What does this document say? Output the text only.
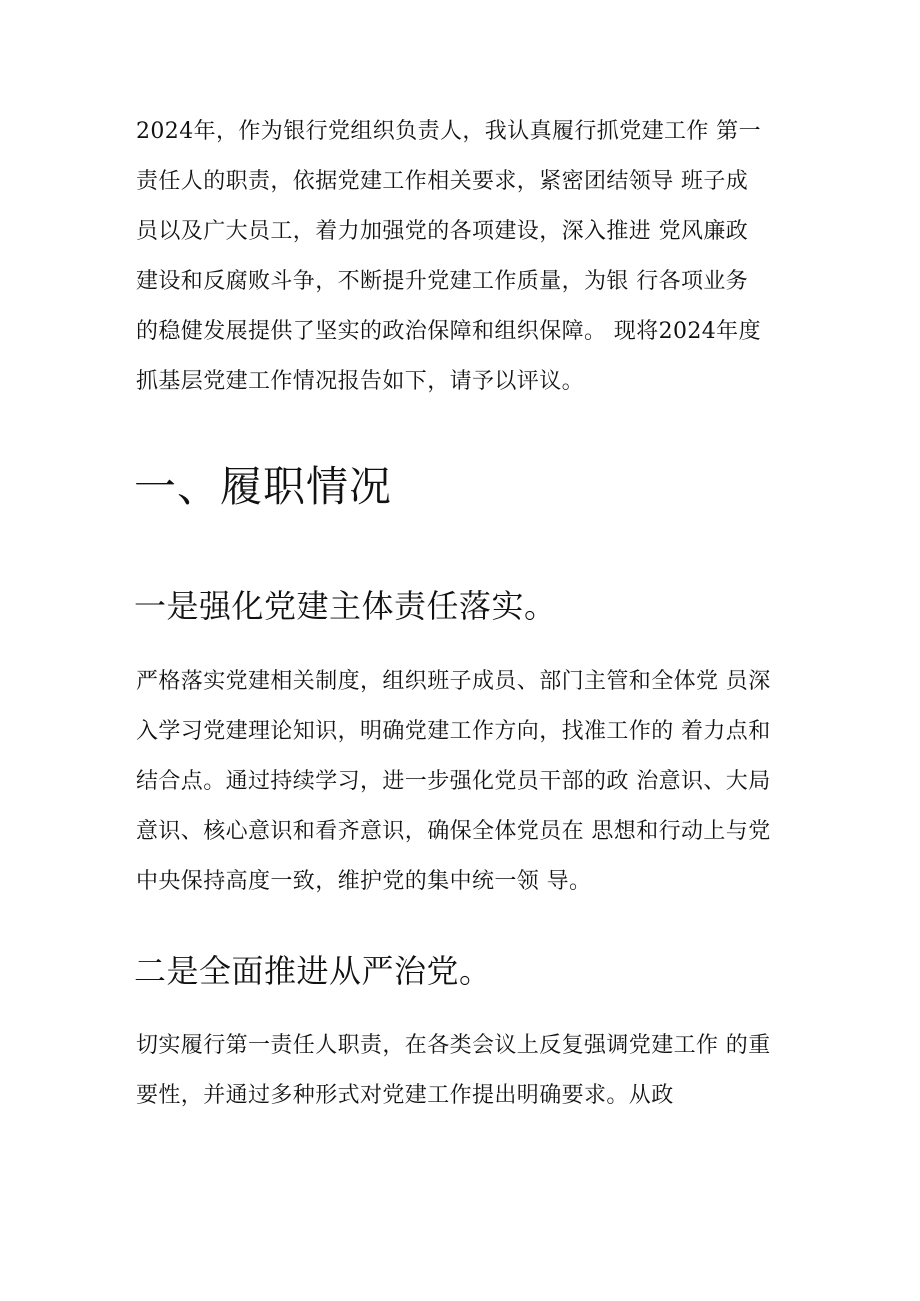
2024年，作为银行党组织负责人，我认真履行抓党建工作 第一
责任人的职责，依据党建工作相关要求，紧密团结领导 班子成
员以及广大员工，着力加强党的各项建设，深入推进 党风廉政
建设和反腐败斗争，不断提升党建工作质量，为银 行各项业务
的稳健发展提供了坚实的政治保障和组织保障。 现将2024年度
抓基层党建工作情况报告如下，请予以评议。
一、履职情况
一是强化党建主体责任落实。
严格落实党建相关制度，组织班子成员、部门主管和全体党 员深
入学习党建理论知识，明确党建工作方向，找准工作的 着力点和
结合点。通过持续学习，进一步强化党员干部的政 治意识、大局
意识、核心意识和看齐意识，确保全体党员在 思想和行动上与党
中央保持高度一致，维护党的集中统一领 导。
二是全面推进从严治党。
切实履行第一责任人职责，在各类会议上反复强调党建工作 的重
要性，并通过多种形式对党建工作提出明确要求。从政
